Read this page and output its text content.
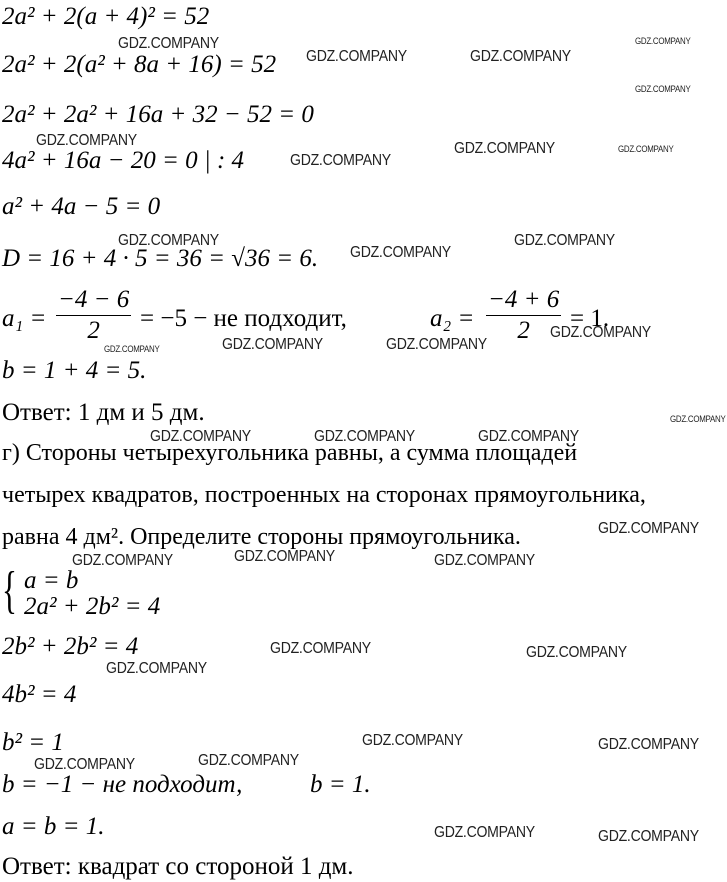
2a² + 2(a + 4)² = 52
2a² + 2(a² + 8a + 16) = 52
2a² + 2a² + 16a + 32 − 52 = 0
4a² + 16a − 20 = 0 | : 4
a² + 4a − 5 = 0
D = 16 + 4 · 5 = 36 = √36 = 6.
$a_1 = \frac{-4 - 6}{2} = -5$ − не подходит,	$a_2 = \frac{-4 + 6}{2} = 1$.
b = 1 + 4 = 5.
Ответ: 1 дм и 5 дм.
г) Стороны четырехугольника равны, а сумма площадей
четырех квадратов, построенных на сторонах прямоугольника,
равна 4 дм². Определите стороны прямоугольника.
{ a = b
2a² + 2b² = 4
2b² + 2b² = 4
4b² = 4
b² = 1
b = −1 − не подходит,	b = 1.
a = b = 1.
Ответ: квадрат со стороной 1 дм.
GDZ.COMPANY
GDZ.COMPANY	GDZ.COMPANY
GDZ.COMPANY
GDZ.COMPANY
GDZ.COMPANY	GDZ.COMPANY	GDZ.COMPANY
GDZ.COMPANY
GDZ.COMPANY	GDZ.COMPANY
GDZ.COMPANY
GDZ.COMPANY
GDZ.COMPANY	GDZ.COMPANY
GDZ.COMPANY
GDZ.COMPANY
GDZ.COMPANY	GDZ.COMPANY	GDZ.COMPANY
GDZ.COMPANY
GDZ.COMPANY
GDZ.COMPANY	GDZ.COMPANY
GDZ.COMPANY	GDZ.COMPANY
GDZ.COMPANY
GDZ.COMPANY	GDZ.COMPANY
GDZ.COMPANY
GDZ.COMPANY
GDZ.COMPANY	GDZ.COMPANY
